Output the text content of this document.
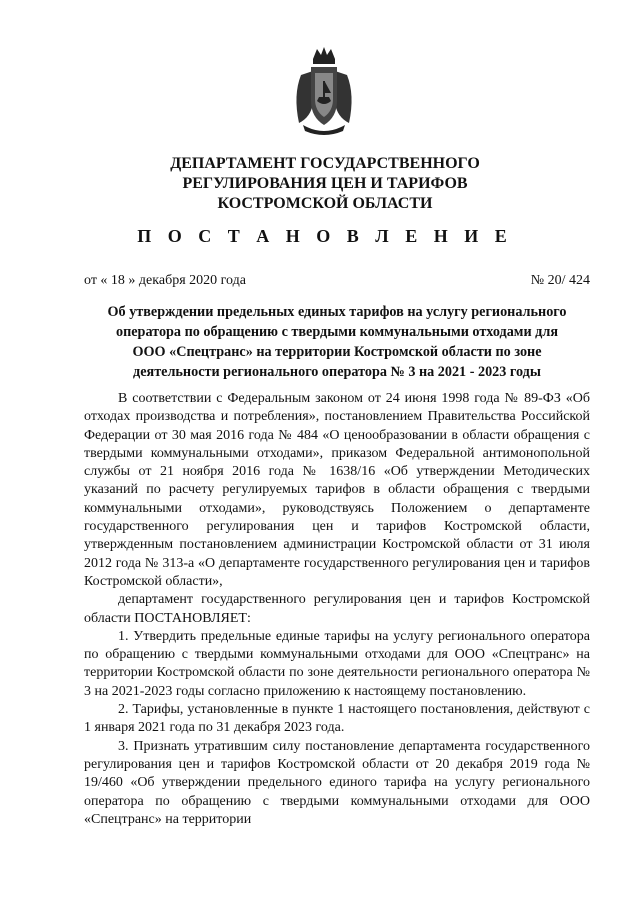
ДЕПАРТАМЕНТ ГОСУДАРСТВЕННОГО
РЕГУЛИРОВАНИЯ ЦЕН И ТАРИФОВ
КОСТРОМСКОЙ ОБЛАСТИ
П О С Т А Н О В Л Е Н И Е
от « 18 » декабря 2020 года	№ 20/ 424
Об утверждении предельных единых тарифов на услугу регионального
оператора по обращению с твердыми коммунальными отходами для
ООО «Спецтранс» на территории Костромской области по зоне
деятельности регионального оператора № 3 на 2021 - 2023 годы

В соответствии с Федеральным законом от 24 июня 1998 года № 89-ФЗ «Об отходах производства и потребления», постановлением Правительства Российской Федерации от 30 мая 2016 года № 484 «О ценообразовании в области обращения с твердыми коммунальными отходами», приказом Федеральной антимонопольной службы от 21 ноября 2016 года № 1638/16 «Об утверждении Методических указаний по расчету регулируемых тарифов в области обращения с твердыми коммунальными отходами», руководствуясь Положением о департаменте государственного регулирования цен и тарифов Костромской области, утвержденным постановлением администрации Костромской области от 31 июля 2012 года № 313-а «О департаменте государственного регулирования цен и тарифов Костромской области»,

департамент государственного регулирования цен и тарифов Костромской области ПОСТАНОВЛЯЕТ:

1. Утвердить предельные единые тарифы на услугу регионального оператора по обращению с твердыми коммунальными отходами для ООО «Спецтранс» на территории Костромской области по зоне деятельности регионального оператора № 3 на 2021-2023 годы согласно приложению к настоящему постановлению.

2. Тарифы, установленные в пункте 1 настоящего постановления, действуют с 1 января 2021 года по 31 декабря 2023 года.

3. Признать утратившим силу постановление департамента государственного регулирования цен и тарифов Костромской области от 20 декабря 2019 года № 19/460 «Об утверждении предельного единого тарифа на услугу регионального оператора по обращению с твердыми коммунальными отходами для ООО «Спецтранс» на территории
